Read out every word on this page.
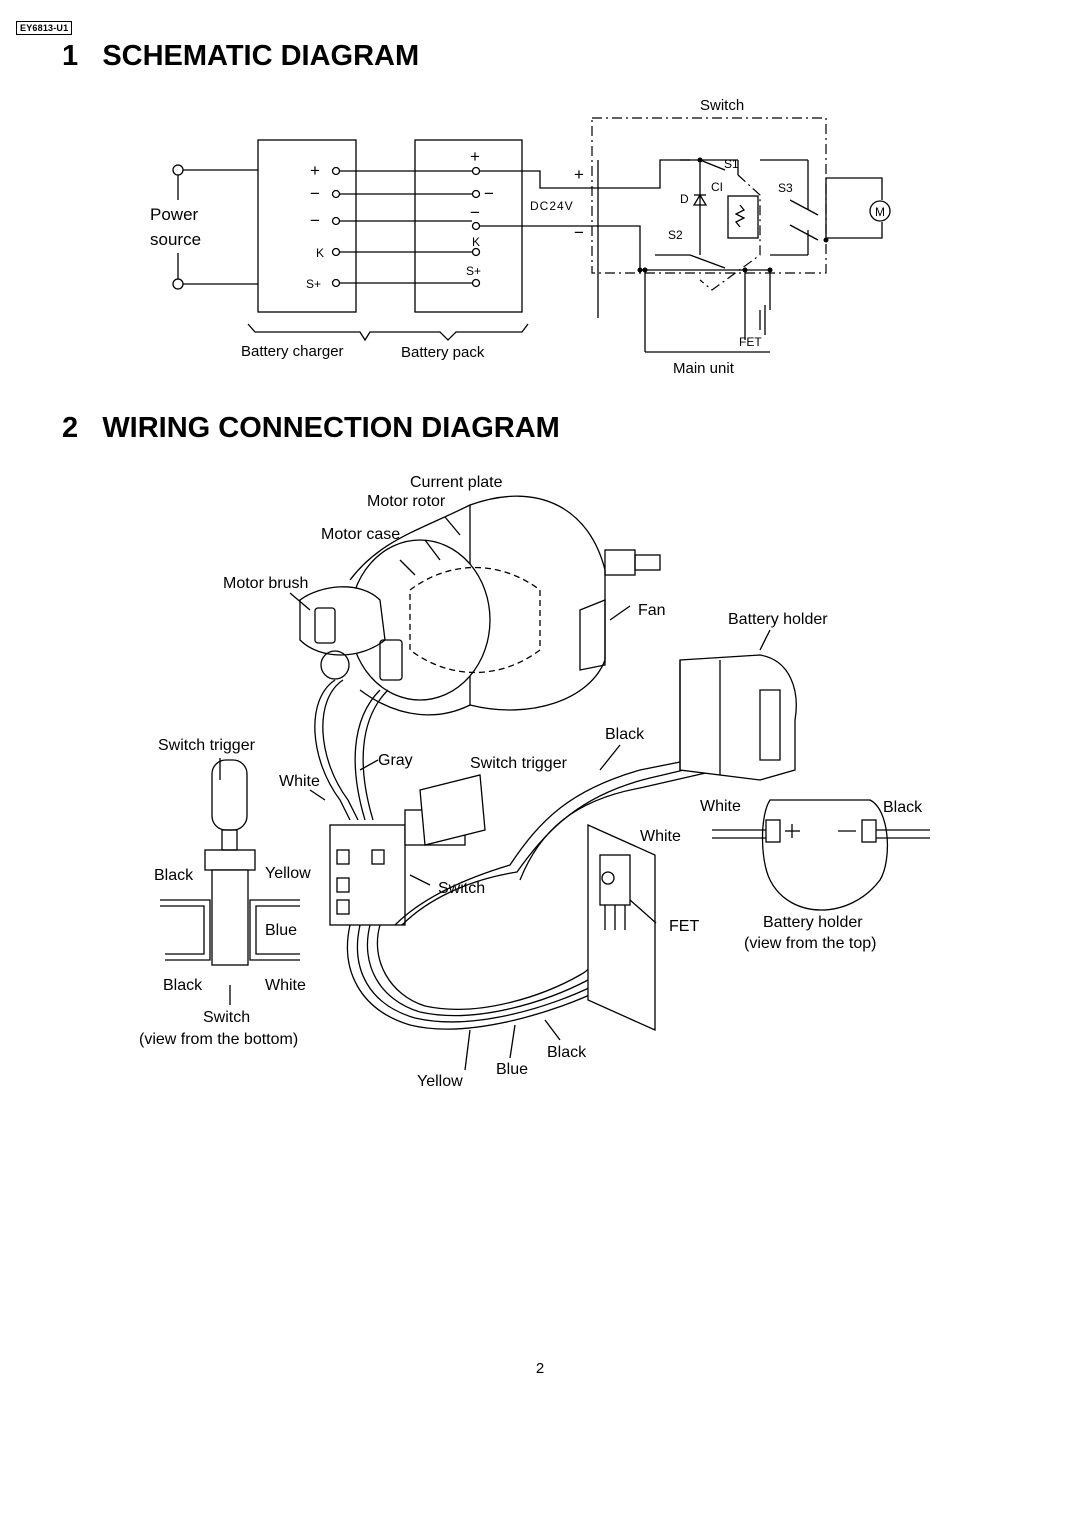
EY6813-U1
1 SCHEMATIC DIAGRAM
2 WIRING CONNECTION DIAGRAM
Power
source
+
−
−
K
S+
+
−
−
K
S+
Battery charger	Battery pack
Switch
DC24V
+
−
S1
CI	S3
D
S2
M
FET
Main unit
Current plate
Motor rotor
Motor case
Motor brush
Fan
Battery holder
Black
Switch trigger
Gray	Switch trigger
White
White	Black
White
Black	Yellow
Switch
Blue	FET	Battery holder
(view from the top)
Black	White
Switch
(view from the bottom)
Black
Blue
Yellow
2
